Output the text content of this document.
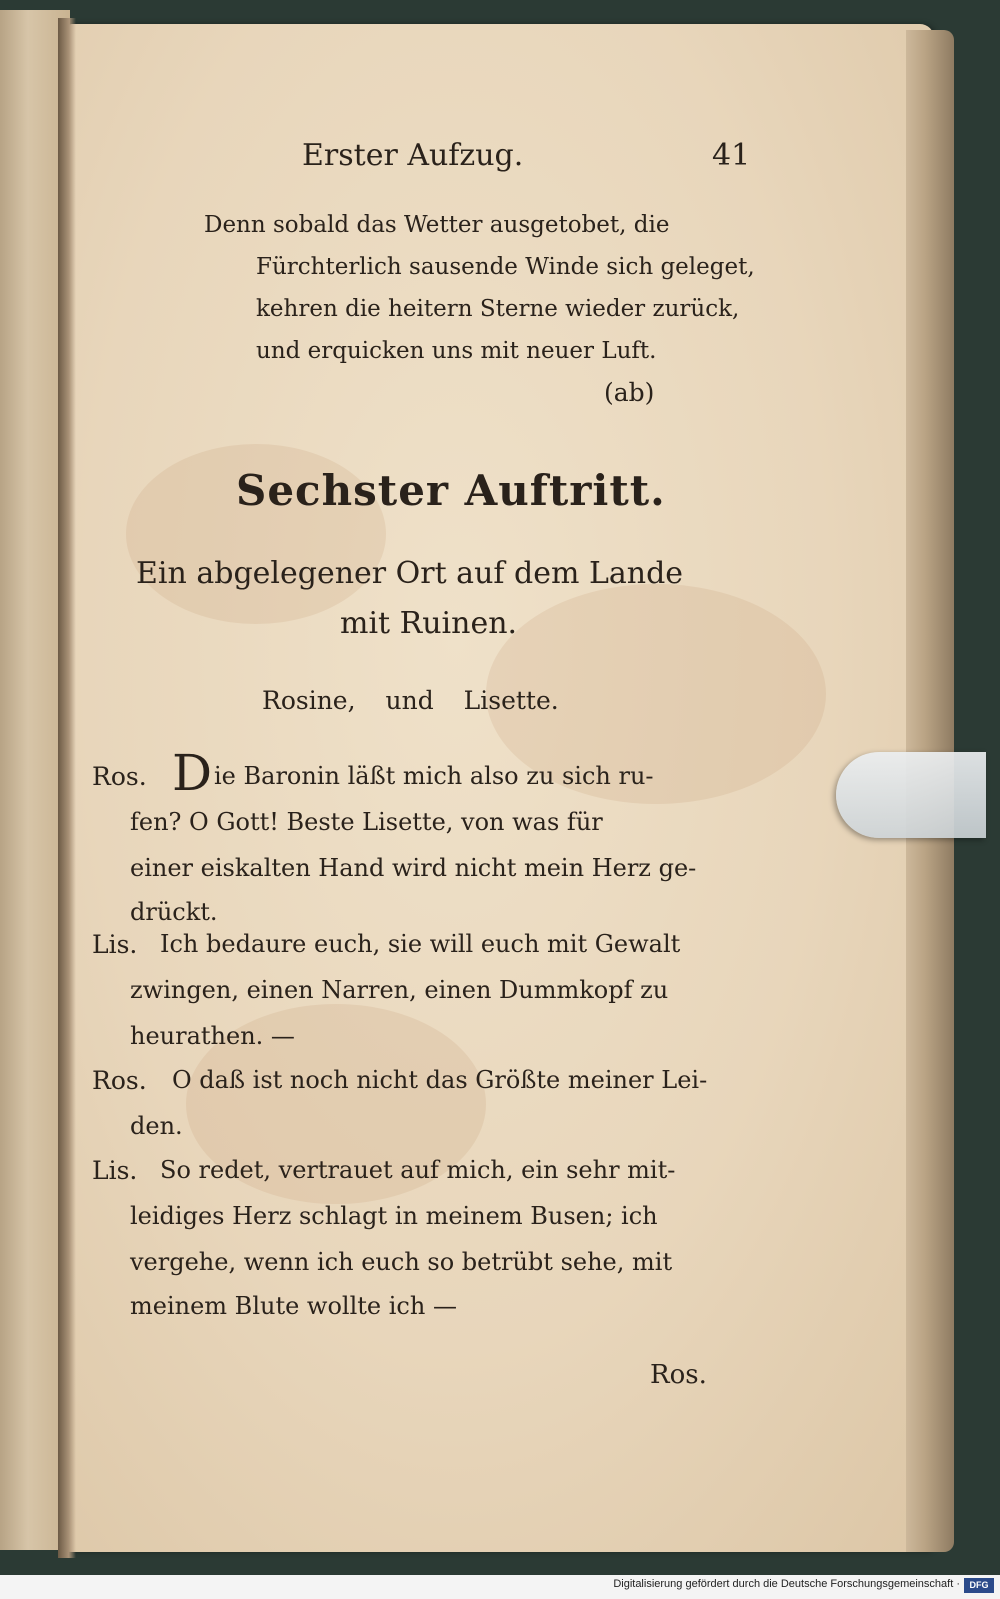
Erster Aufzug.	41
Denn sobald das Wetter ausgetobet, die
Fürchterlich sausende Winde sich geleget,
kehren die heitern Sterne wieder zurück,
und erquicken uns mit neuer Luft.
(ab)
Sechster Auftritt.
Ein abgelegener Ort auf dem Lande
mit Ruinen.
Rosine, und Lisette.
Ros. D ie Baronin läßt mich also zu sich ru-
fen? O Gott! Beste Lisette, von was für
einer eiskalten Hand wird nicht mein Herz ge-
drückt.
Lis. Ich bedaure euch, sie will euch mit Gewalt
zwingen, einen Narren, einen Dummkopf zu
heurathen. —
Ros. O daß ist noch nicht das Größte meiner Lei-
den.
Lis. So redet, vertrauet auf mich, ein sehr mit-
leidiges Herz schlagt in meinem Busen; ich
vergehe, wenn ich euch so betrübt sehe, mit
meinem Blute wollte ich —
Ros.
Digitalisierung gefördert durch die Deutsche Forschungsgemeinschaft ·	DFG
